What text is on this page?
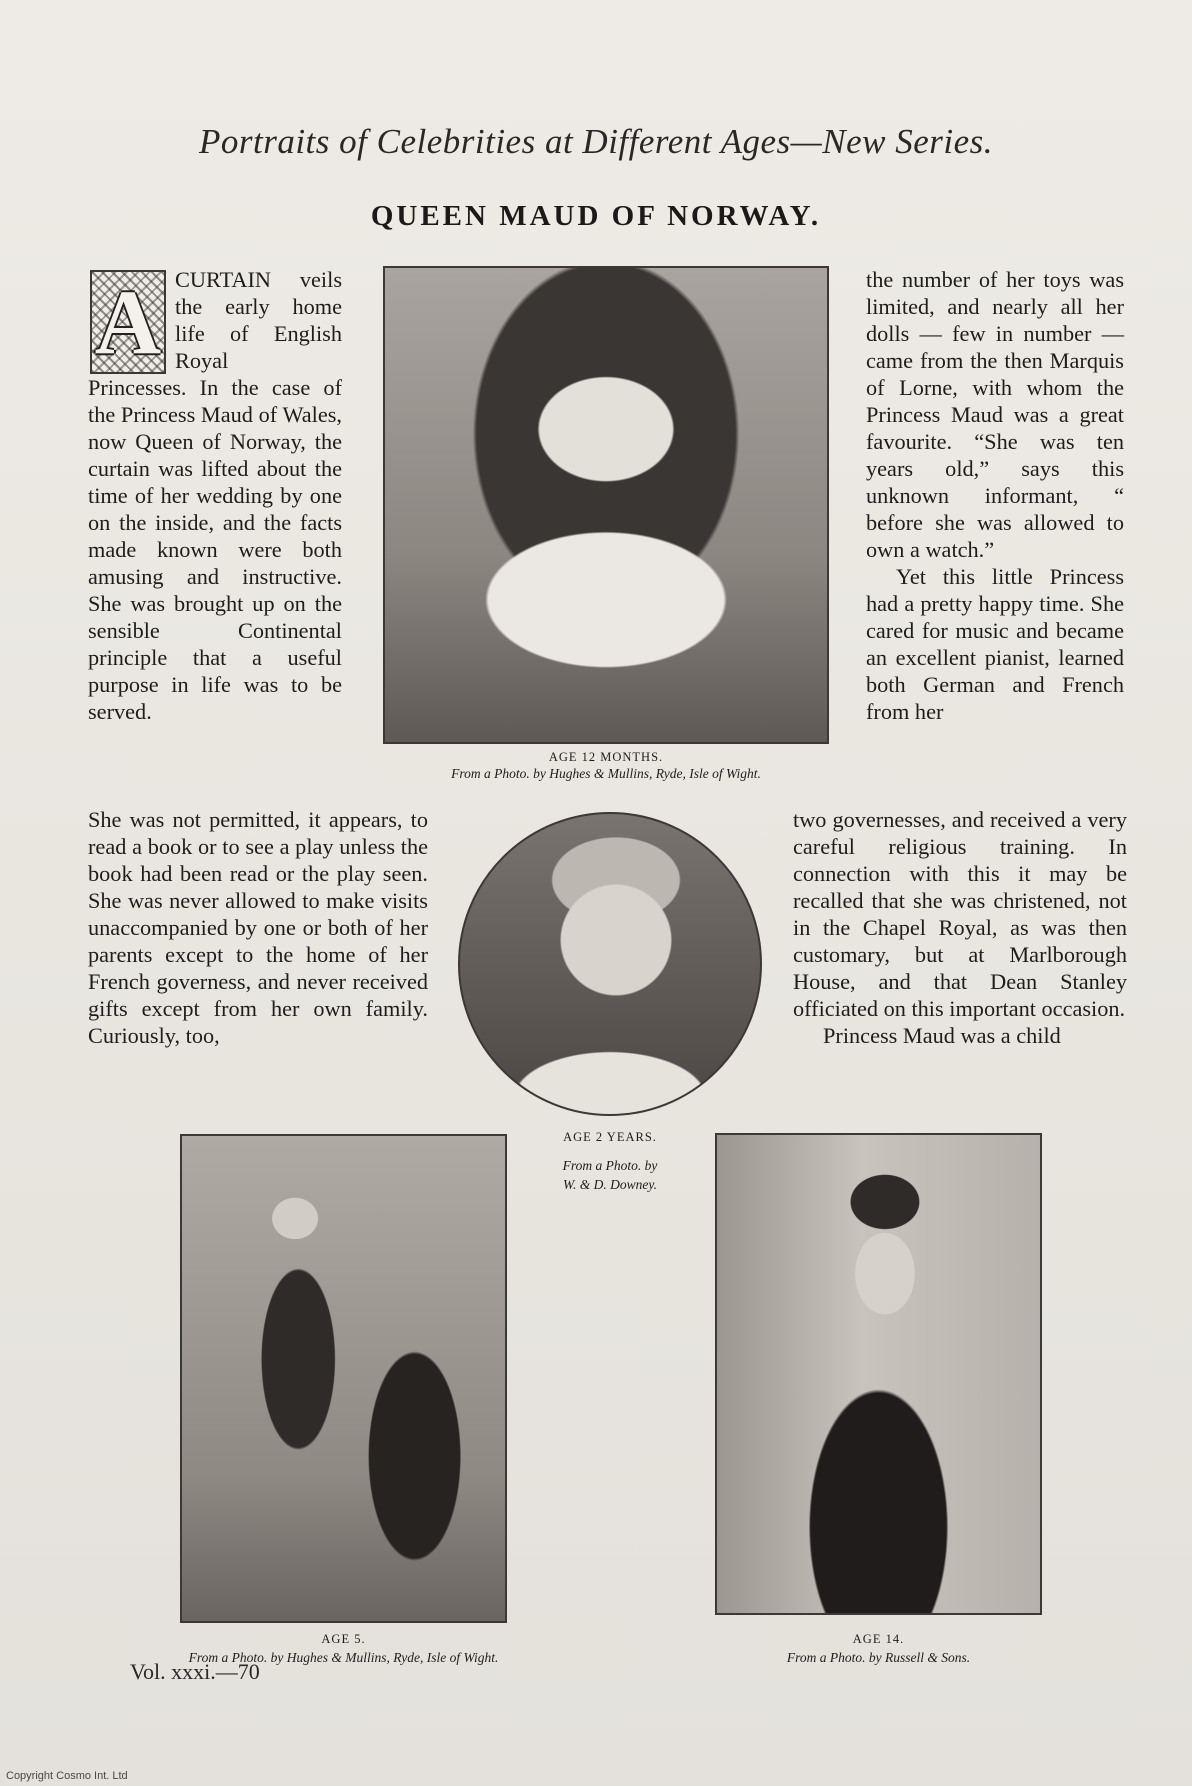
Portraits of Celebrities at Different Ages—New Series.
QUEEN MAUD OF NORWAY.
A CURTAIN veils the early home life of English Royal

Princesses. In the case of the Princess Maud of Wales, now Queen of Norway, the curtain was lifted about the time of her wedding by one on the inside, and the facts made known were both amusing and instructive. She was brought up on the sensible Continental principle that a useful purpose in life was to be served.

She was not permitted, it appears, to read a book or to see a play unless the book had been read or the play seen. She was never allowed to make visits unaccompanied by one or both of her parents except to the home of her French governess, and never received gifts except from her own family. Curiously, too,

the number of her toys was limited, and nearly all her dolls — few in number — came from the then Marquis of Lorne, with whom the Princess Maud was a great favourite. “She was ten years old,” says this unknown informant, “ before she was allowed to own a watch.”

Yet this little Princess had a pretty happy time. She cared for music and became an excellent pianist, learned both German and French from her

two governesses, and received a very careful religious training. In connection with this it may be recalled that she was christened, not in the Chapel Royal, as was then customary, but at Marlborough House, and that Dean Stanley officiated on this important occasion.

Princess Maud was a child

AGE 12 MONTHS.
From a Photo. by Hughes & Mullins, Ryde, Isle of Wight.
AGE 2 YEARS.
From a Photo. by
W. & D. Downey.
AGE 5.
From a Photo. by Hughes & Mullins, Ryde, Isle of Wight.
AGE 14.
From a Photo. by Russell & Sons.
Vol. xxxi.—70
Copyright Cosmo Int. Ltd
